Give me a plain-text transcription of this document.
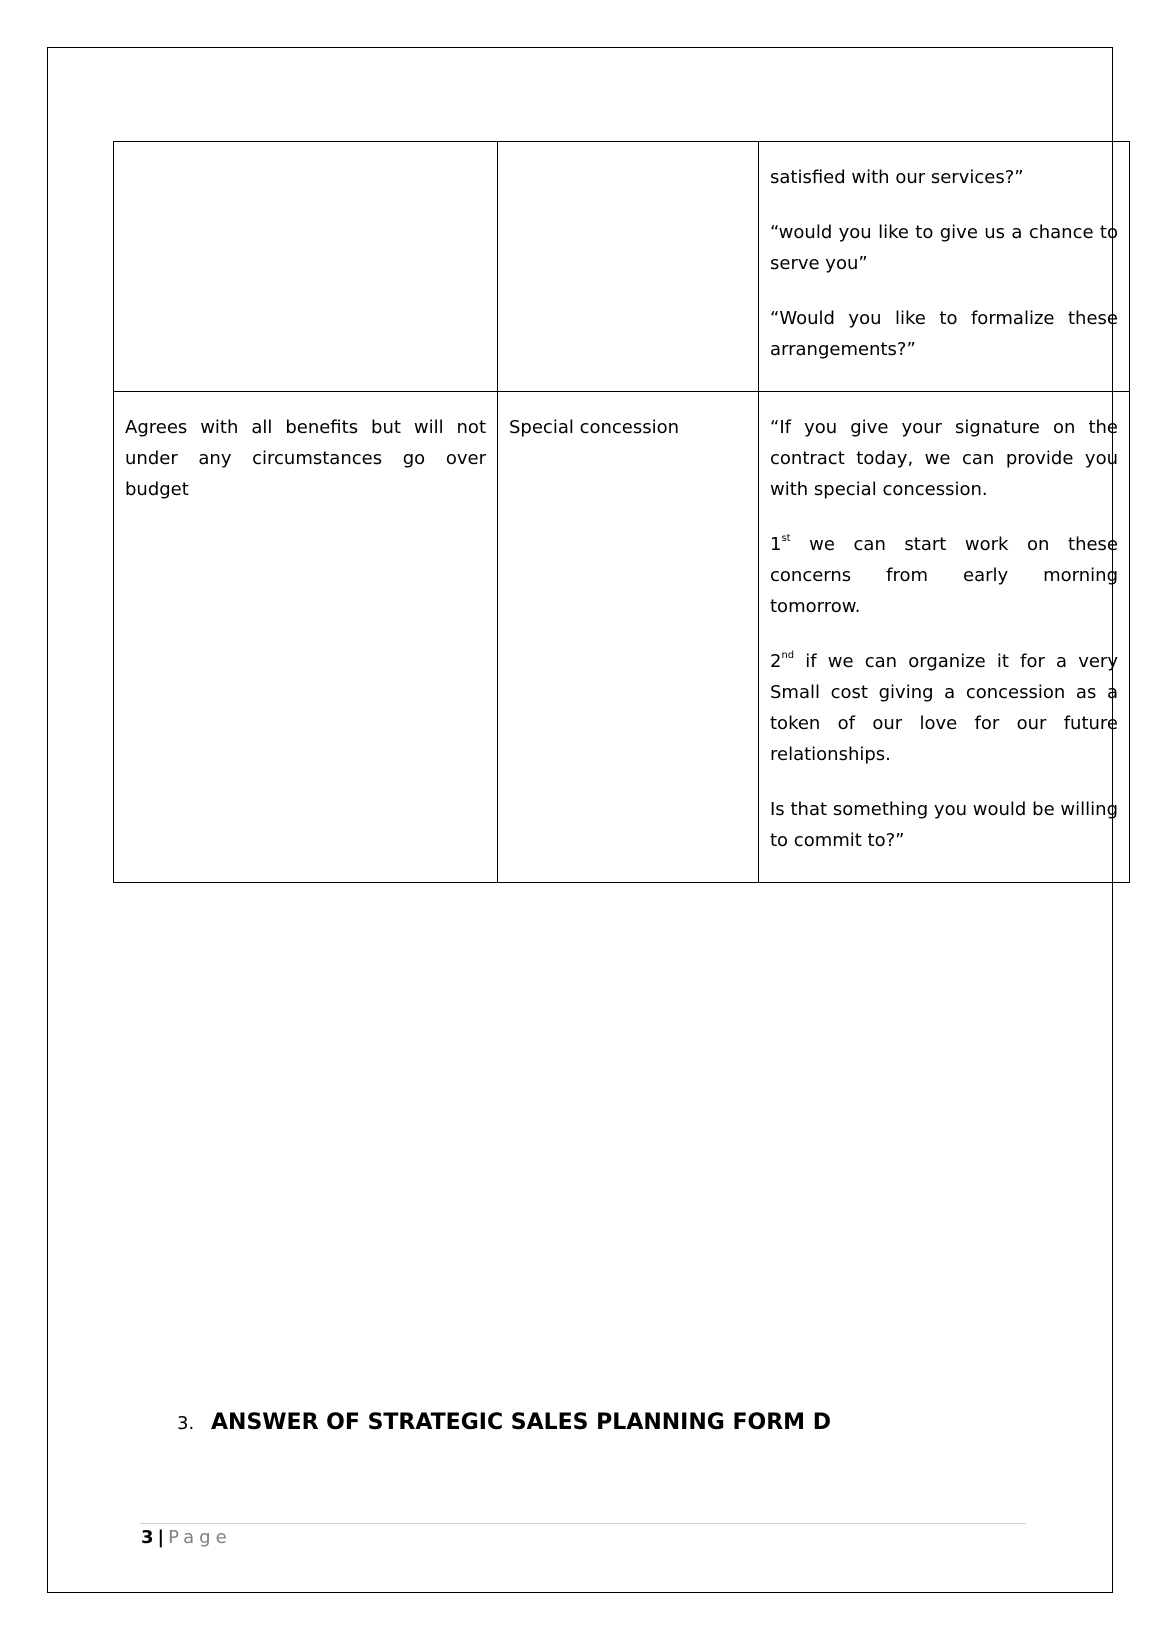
		satisfied with our services?”

“would you like to give us a chance to serve you”

“Would you like to formalize these arrangements?”

Agrees with all benefits but will not under any circumstances go over budget	Special concession	“If you give your signature on the contract today, we can provide you with special concession.

1st we can start work on these concerns from early morning tomorrow.

2nd if we can organize it for a very Small cost giving a concession as a token of our love for our future relationships.

Is that something you would be willing to commit to?”

3. ANSWER OF STRATEGIC SALES PLANNING FORM D
3 | Page
